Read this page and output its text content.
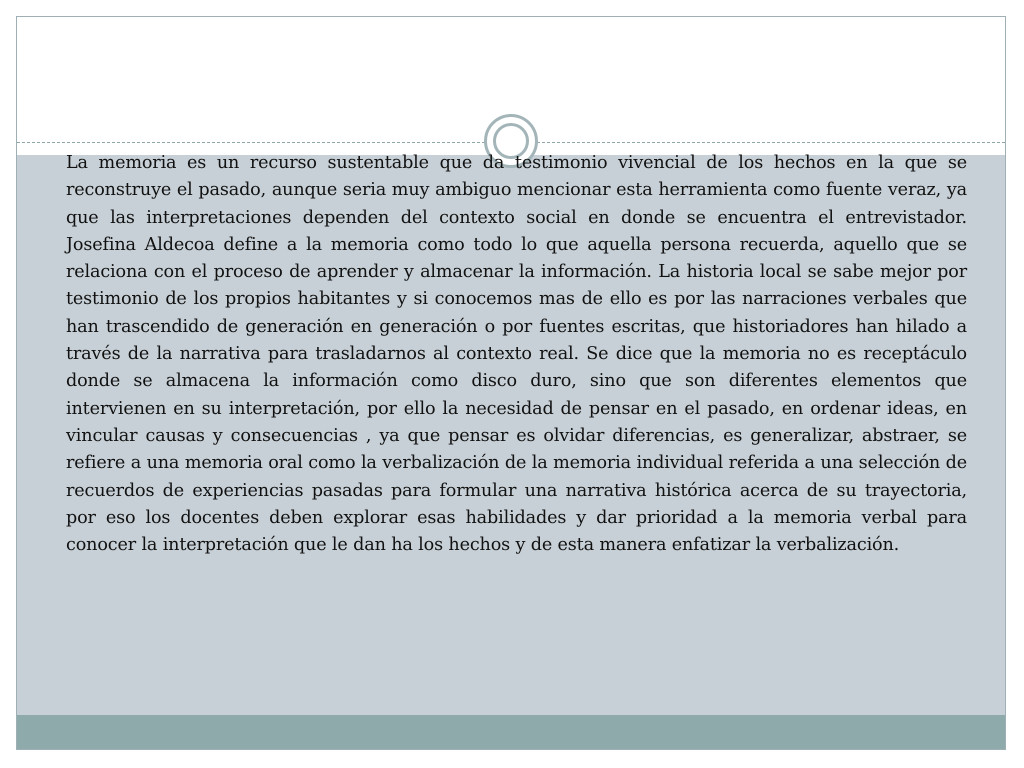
La memoria es un recurso sustentable que da testimonio vivencial de los hechos en la que se reconstruye el pasado, aunque seria muy ambiguo mencionar esta herramienta como fuente veraz, ya que las interpretaciones dependen del contexto social en donde se encuentra el entrevistador. Josefina Aldecoa define a la memoria como todo lo que aquella persona recuerda, aquello que se relaciona con el proceso de aprender y almacenar la información. La historia local se sabe mejor por testimonio de los propios habitantes y si conocemos mas de ello es por las narraciones verbales que han trascendido de generación en generación o por fuentes escritas, que historiadores han hilado a través de la narrativa para trasladarnos al contexto real. Se dice que la memoria no es receptáculo donde se almacena la información como disco duro, sino que son diferentes elementos que intervienen en su interpretación, por ello la necesidad de pensar en el pasado, en ordenar ideas, en vincular causas y consecuencias , ya que pensar es olvidar diferencias, es generalizar, abstraer, se refiere a una memoria oral como la verbalización de la memoria individual referida a una selección de recuerdos de experiencias pasadas para formular una narrativa histórica acerca de su trayectoria, por eso los docentes deben explorar esas habilidades y dar prioridad a la memoria verbal para conocer la interpretación que le dan ha los hechos y de esta manera enfatizar la verbalización.
